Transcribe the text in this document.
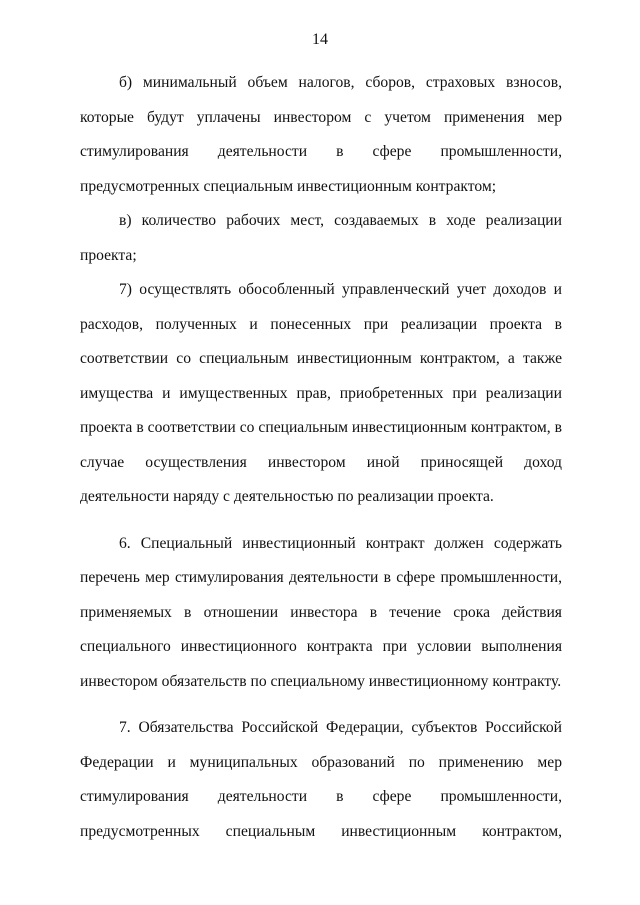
14

б) минимальный объем налогов, сборов, страховых взносов, которые будут уплачены инвестором с учетом применения мер стимулирования деятельности в сфере промышленности, предусмотренных специальным инвестиционным контрактом;

в) количество рабочих мест, создаваемых в ходе реализации проекта;

7) осуществлять обособленный управленческий учет доходов и расходов, полученных и понесенных при реализации проекта в соответствии со специальным инвестиционным контрактом, а также имущества и имущественных прав, приобретенных при реализации проекта в соответствии со специальным инвестиционным контрактом, в случае осуществления инвестором иной приносящей доход деятельности наряду с деятельностью по реализации проекта.

6. Специальный инвестиционный контракт должен содержать перечень мер стимулирования деятельности в сфере промышленности, применяемых в отношении инвестора в течение срока действия специального инвестиционного контракта при условии выполнения инвестором обязательств по специальному инвестиционному контракту.

7. Обязательства Российской Федерации, субъектов Российской Федерации и муниципальных образований по применению мер стимулирования деятельности в сфере промышленности, предусмотренных специальным инвестиционным контрактом,
